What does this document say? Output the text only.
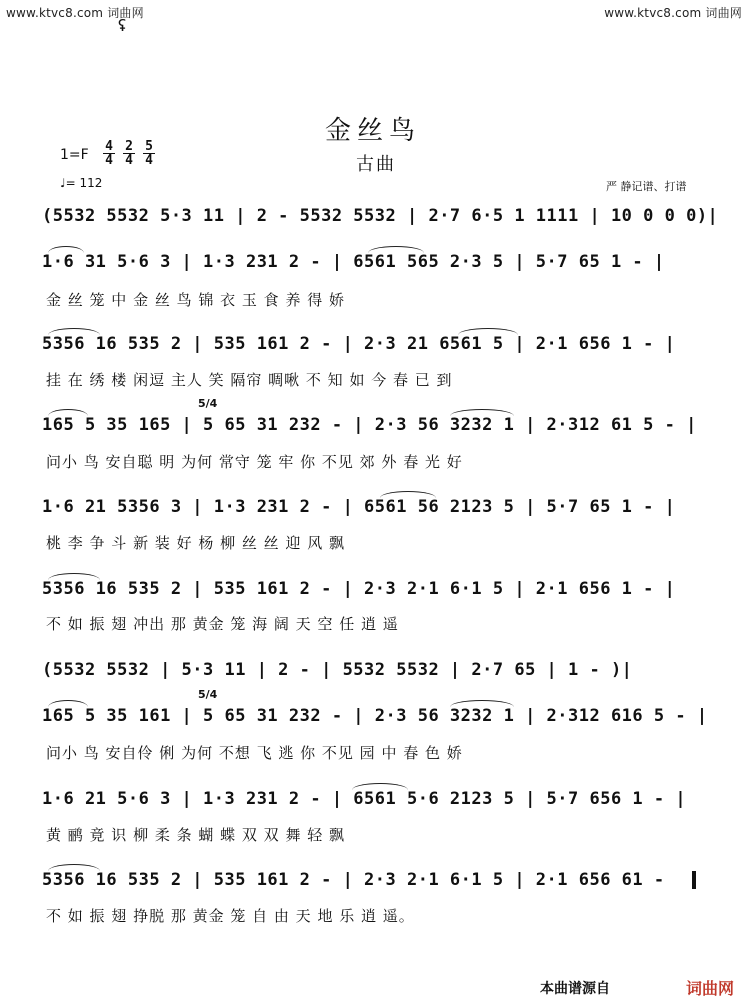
www.ktvc8.com 词曲网	www.ktvc8.com 词曲网
ʢ
金丝鸟
古曲
1=F
4
4
2
4
5
4
♩= 112	严 静记谱、打谱
5/4
5/4
(5532 5532 5·3 11 | 2 - 5532 5532 | 2·7 6·5 1 1111 | 10 0 0 0)|
1·6 31 5·6 3 | 1·3 231 2 - | 6561 565 2·3 5 | 5·7 65 1 - |
金 丝 笼 中 金 丝 鸟 锦 衣 玉 食 养 得 娇
5356 16 535 2 | 535 161 2 - | 2·3 21 6561 5 | 2·1 656 1 - |
挂 在 绣 楼 闲逗 主人 笑 隔帘 啁啾 不 知 如 今 春 已 到
165 5 35 165 | 5 65 31 232 - | 2·3 56 3232 1 | 2·312 61 5 - |
问小 鸟 安自聪 明 为何 常守 笼 牢 你 不见 郊 外 春 光 好
1·6 21 5356 3 | 1·3 231 2 - | 6561 56 2123 5 | 5·7 65 1 - |
桃 李 争 斗 新 装 好 杨 柳 丝 丝 迎 风 飘
5356 16 535 2 | 535 161 2 - | 2·3 2·1 6·1 5 | 2·1 656 1 - |
不 如 振 翅 冲出 那 黄金 笼 海 阔 天 空 任 逍 遥
(5532 5532 | 5·3 11 | 2 - | 5532 5532 | 2·7 65 | 1 - )|
165 5 35 161 | 5 65 31 232 - | 2·3 56 3232 1 | 2·312 616 5 - |
问小 鸟 安自伶 俐 为何 不想 飞 逃 你 不见 园 中 春 色 娇
1·6 21 5·6 3 | 1·3 231 2 - | 6561 5·6 2123 5 | 5·7 656 1 - |
黄 鹂 竟 识 柳 柔 条 蝴 蝶 双 双 舞 轻 飘
5356 16 535 2 | 535 161 2 - | 2·3 2·1 6·1 5 | 2·1 656 61 -
不 如 振 翅 挣脱 那 黄金 笼 自 由 天 地 乐 逍 遥。
本曲谱源自	词曲网
